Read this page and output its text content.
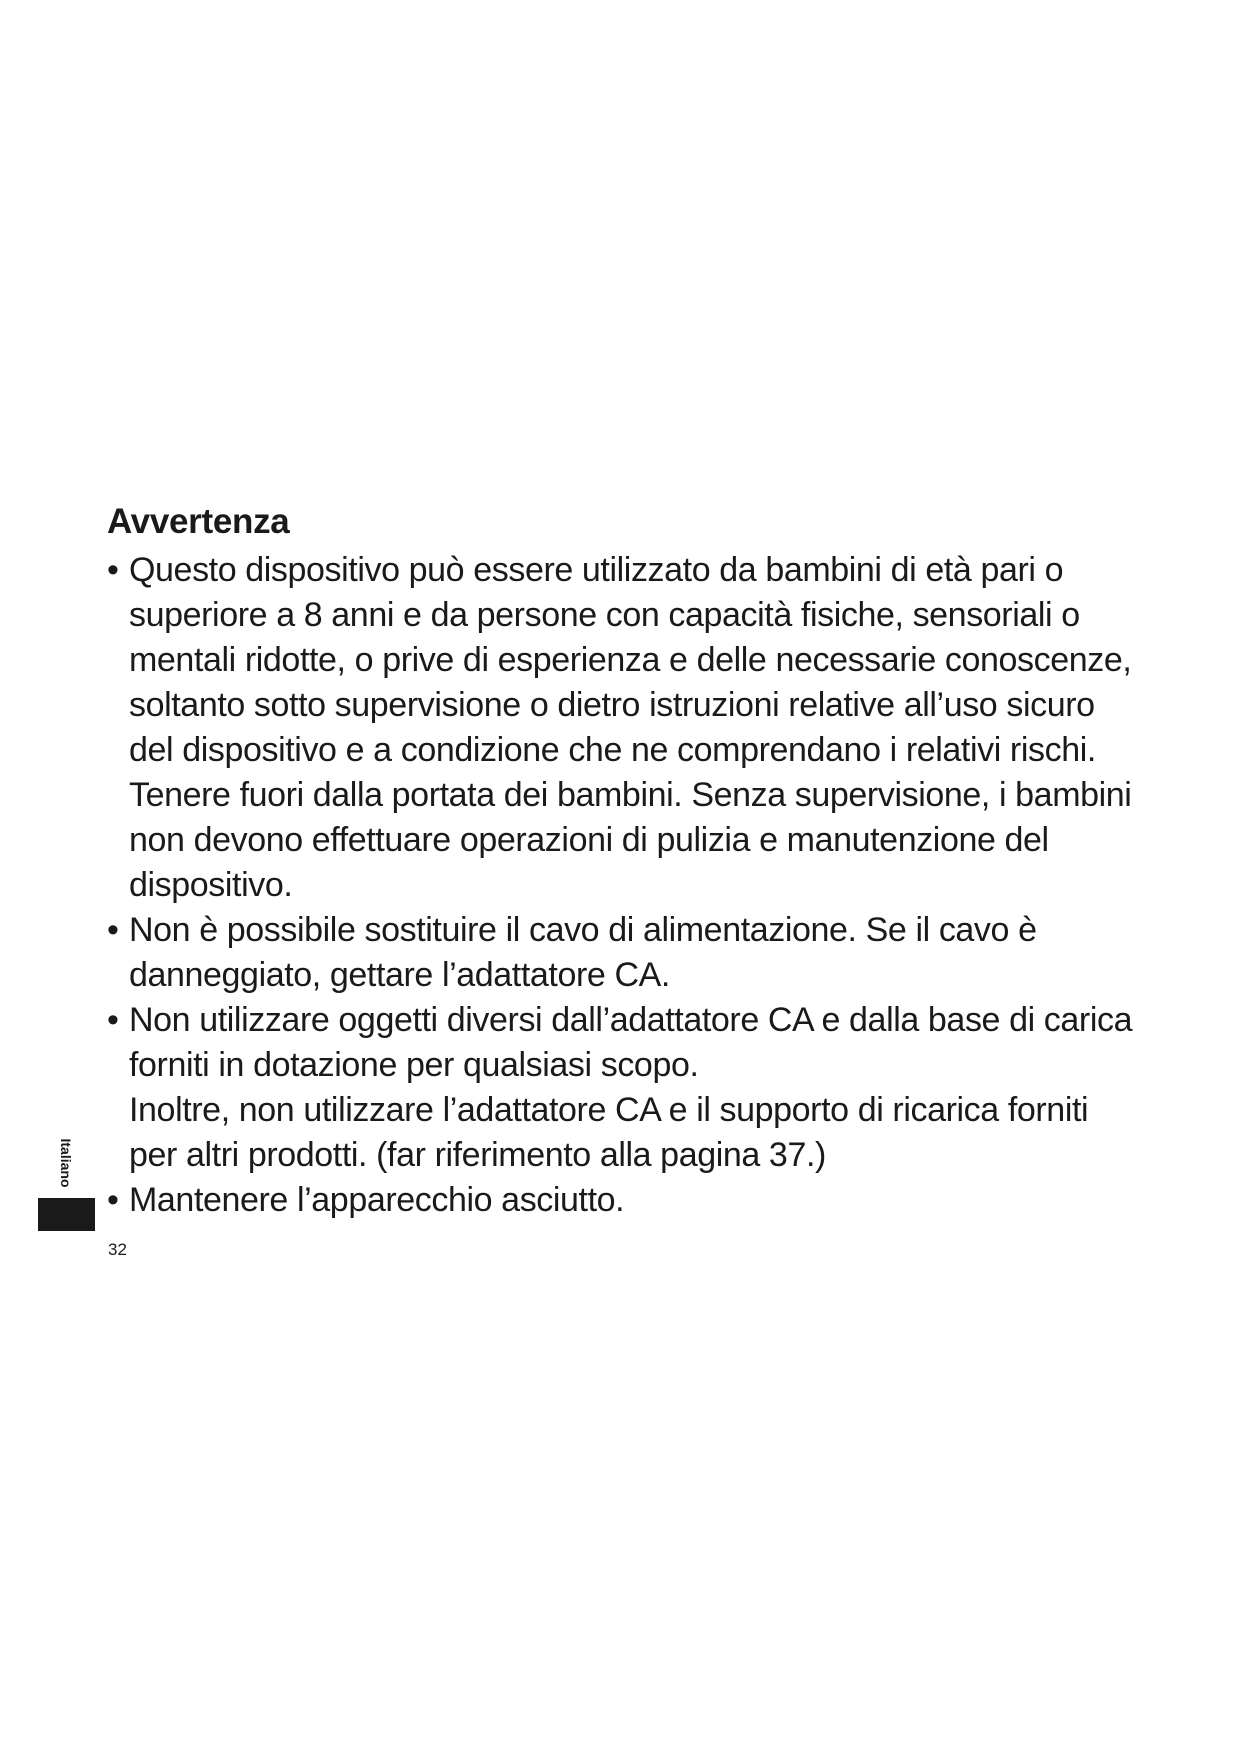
Avvertenza
• Questo dispositivo può essere utilizzato da bambini di età pari o superiore a 8 anni e da persone con capacità fisiche, sensoriali o mentali ridotte, o prive di esperienza e delle necessarie conoscenze, soltanto sotto supervisione o dietro istruzioni relative all’uso sicuro del dispositivo e a condizione che ne comprendano i relativi rischi. Tenere fuori dalla portata dei bambini. Senza supervisione, i bambini non devono effettuare operazioni di pulizia e manutenzione del dispositivo.
• Non è possibile sostituire il cavo di alimentazione. Se il cavo è danneggiato, gettare l’adattatore CA.
• Non utilizzare oggetti diversi dall’adattatore CA e dalla base di carica forniti in dotazione per qualsiasi scopo.
Inoltre, non utilizzare l’adattatore CA e il supporto di ricarica forniti per altri prodotti. (far riferimento alla pagina 37.)
• Mantenere l’apparecchio asciutto.
Italiano
32
